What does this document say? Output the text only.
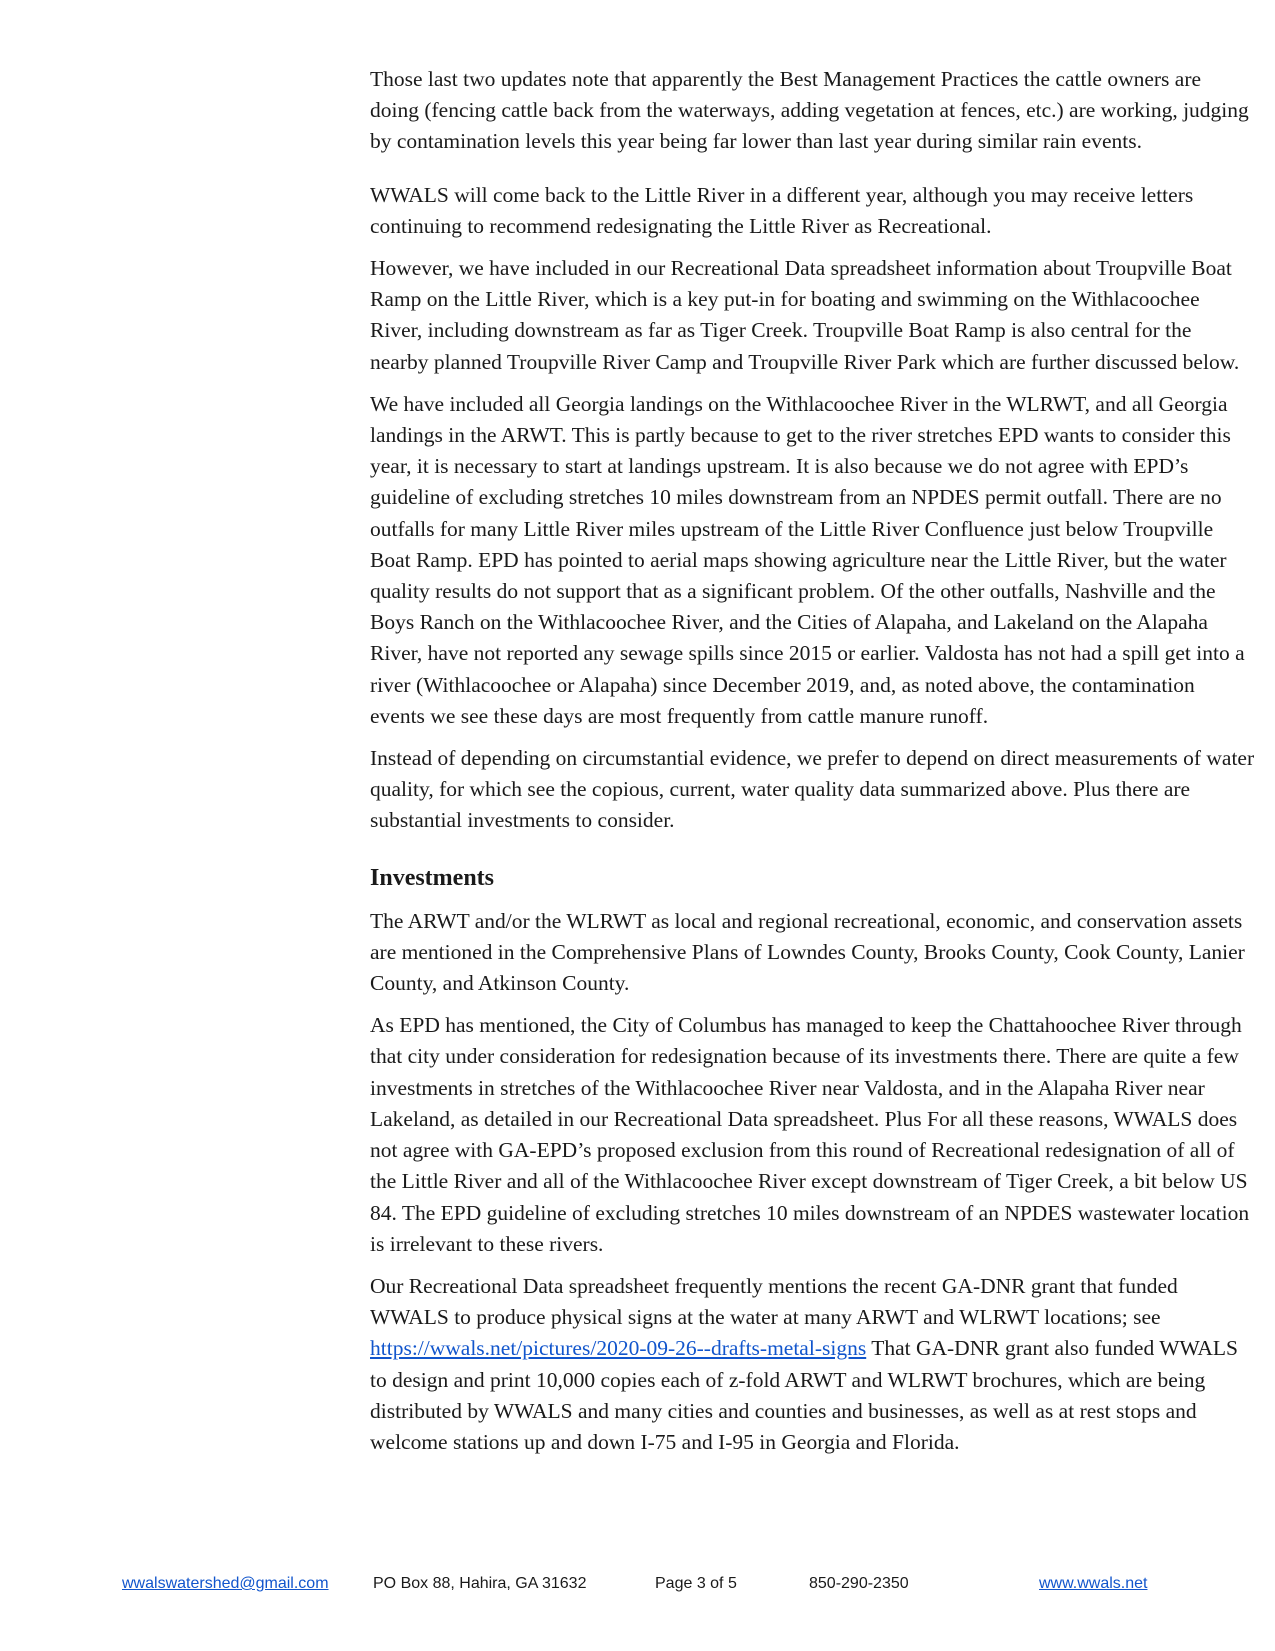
Those last two updates note that apparently the Best Management Practices the cattle owners are doing (fencing cattle back from the waterways, adding vegetation at fences, etc.) are working, judging by contamination levels this year being far lower than last year during similar rain events.

WWALS will come back to the Little River in a different year, although you may receive letters continuing to recommend redesignating the Little River as Recreational.

However, we have included in our Recreational Data spreadsheet information about Troupville Boat Ramp on the Little River, which is a key put-in for boating and swimming on the Withlacoochee River, including downstream as far as Tiger Creek. Troupville Boat Ramp is also central for the nearby planned Troupville River Camp and Troupville River Park which are further discussed below.

We have included all Georgia landings on the Withlacoochee River in the WLRWT, and all Georgia landings in the ARWT. This is partly because to get to the river stretches EPD wants to consider this year, it is necessary to start at landings upstream. It is also because we do not agree with EPD’s guideline of excluding stretches 10 miles downstream from an NPDES permit outfall. There are no outfalls for many Little River miles upstream of the Little River Confluence just below Troupville Boat Ramp. EPD has pointed to aerial maps showing agriculture near the Little River, but the water quality results do not support that as a significant problem. Of the other outfalls, Nashville and the Boys Ranch on the Withlacoochee River, and the Cities of Alapaha, and Lakeland on the Alapaha River, have not reported any sewage spills since 2015 or earlier. Valdosta has not had a spill get into a river (Withlacoochee or Alapaha) since December 2019, and, as noted above, the contamination events we see these days are most frequently from cattle manure runoff.

Instead of depending on circumstantial evidence, we prefer to depend on direct measurements of water quality, for which see the copious, current, water quality data summarized above. Plus there are substantial investments to consider.

Investments

The ARWT and/or the WLRWT as local and regional recreational, economic, and conservation assets are mentioned in the Comprehensive Plans of Lowndes County, Brooks County, Cook County, Lanier County, and Atkinson County.

As EPD has mentioned, the City of Columbus has managed to keep the Chattahoochee River through that city under consideration for redesignation because of its investments there. There are quite a few investments in stretches of the Withlacoochee River near Valdosta, and in the Alapaha River near Lakeland, as detailed in our Recreational Data spreadsheet. Plus For all these reasons, WWALS does not agree with GA-EPD’s proposed exclusion from this round of Recreational redesignation of all of the Little River and all of the Withlacoochee River except downstream of Tiger Creek, a bit below US 84. The EPD guideline of excluding stretches 10 miles downstream of an NPDES wastewater location is irrelevant to these rivers.

Our Recreational Data spreadsheet frequently mentions the recent GA-DNR grant that funded WWALS to produce physical signs at the water at many ARWT and WLRWT locations; see https://wwals.net/pictures/2020-09-26--drafts-metal-signs That GA-DNR grant also funded WWALS to design and print 10,000 copies each of z-fold ARWT and WLRWT brochures, which are being distributed by WWALS and many cities and counties and businesses, as well as at rest stops and welcome stations up and down I-75 and I-95 in Georgia and Florida.

wwalswatershed@gmail.com	PO Box 88, Hahira, GA 31632	Page 3 of 5	850-290-2350	www.wwals.net
